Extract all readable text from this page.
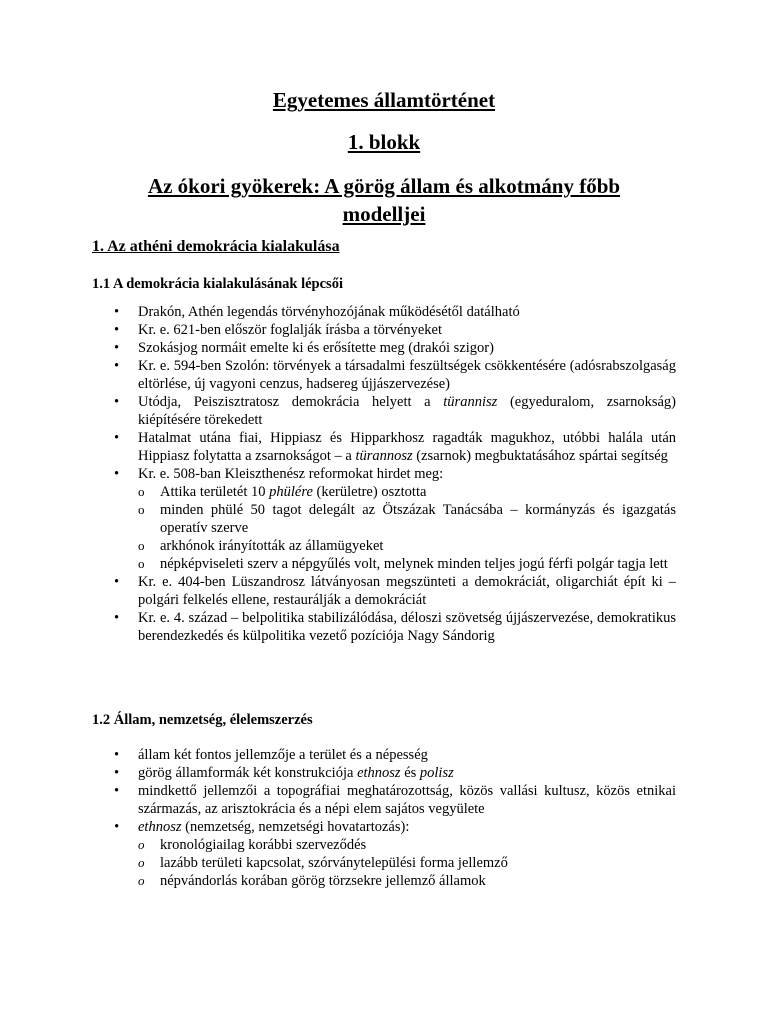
Egyetemes államtörténet
1. blokk
Az ókori gyökerek: A görög állam és alkotmány főbb modelljei
1. Az athéni demokrácia kialakulása
1.1 A demokrácia kialakulásának lépcsői
•	Drakón, Athén legendás törvényhozójának működésétől datálható
•	Kr. e. 621-ben először foglalják írásba a törvényeket
•	Szokásjog normáit emelte ki és erősítette meg (drakói szigor)
•	Kr. e. 594-ben Szolón: törvények a társadalmi feszültségek csökkentésére (adósrabszolgaság eltörlése, új vagyoni cenzus, hadsereg újjászervezése)
•	Utódja, Peiszisztratosz demokrácia helyett a türannisz (egyeduralom, zsarnokság) kiépítésére törekedett
•	Hatalmat utána fiai, Hippiasz és Hipparkhosz ragadták magukhoz, utóbbi halála után Hippiasz folytatta a zsarnokságot – a türannosz (zsarnok) megbuktatásához spártai segítség
•	Kr. e. 508-ban Kleiszthenész reformokat hirdet meg:
o	Attika területét 10 phülére (kerületre) osztotta
o	minden phülé 50 tagot delegált az Ötszázak Tanácsába – kormányzás és igazgatás operatív szerve
o	arkhónok irányították az államügyeket
o	népképviseleti szerv a népgyűlés volt, melynek minden teljes jogú férfi polgár tagja lett
•	Kr. e. 404-ben Lüszandrosz látványosan megszünteti a demokráciát, oligarchiát épít ki – polgári felkelés ellene, restaurálják a demokráciát
•	Kr. e. 4. század – belpolitika stabilizálódása, déloszi szövetség újjászervezése, demokratikus berendezkedés és külpolitika vezető pozíciója Nagy Sándorig
1.2 Állam, nemzetség, élelemszerzés
•	állam két fontos jellemzője a terület és a népesség
•	görög államformák két konstrukciója ethnosz és polisz
•	mindkettő jellemzői a topográfiai meghatározottság, közös vallási kultusz, közös etnikai származás, az arisztokrácia és a népi elem sajátos vegyülete
•	ethnosz (nemzetség, nemzetségi hovatartozás):
o	kronológiailag korábbi szerveződés
o	lazább területi kapcsolat, szórványtelepülési forma jellemző
o	népvándorlás korában görög törzsekre jellemző államok
